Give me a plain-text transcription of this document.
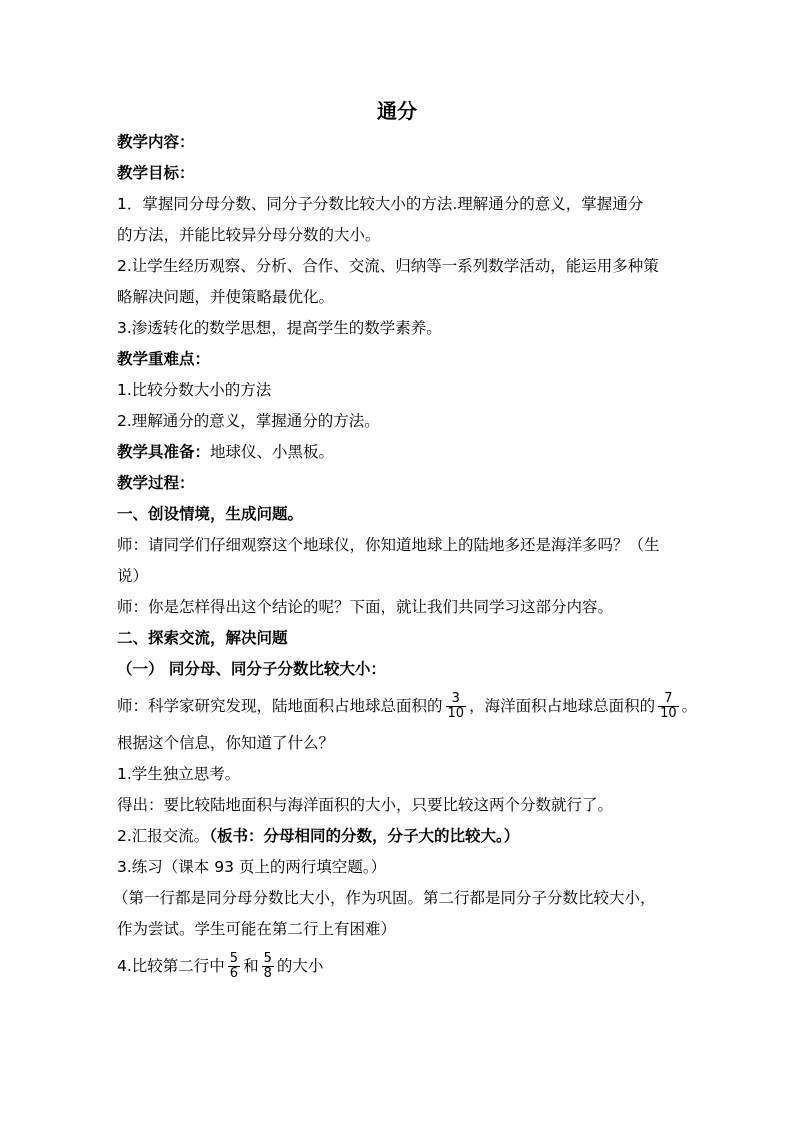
通分
教学内容：
教学目标：
1．掌握同分母分数、同分子分数比较大小的方法.理解通分的意义，掌握通分
的方法，并能比较异分母分数的大小。
2.让学生经历观察、分析、合作、交流、归纳等一系列数学活动，能运用多种策
略解决问题，并使策略最优化。
3.渗透转化的数学思想，提高学生的数学素养。
教学重难点：
1.比较分数大小的方法
2.理解通分的意义，掌握通分的方法。
教学具准备：地球仪、小黑板。
教学过程：
一、创设情境，生成问题。
师：请同学们仔细观察这个地球仪，你知道地球上的陆地多还是海洋多吗？（生
说）
师：你是怎样得出这个结论的呢？下面，就让我们共同学习这部分内容。
二、探索交流，解决问题
（一） 同分母、同分子分数比较大小：
师：科学家研究发现，陆地面积占地球总面积的 $\frac{3}{10}$ ，海洋面积占地球总面积的 $\frac{7}{10}$ 。
根据这个信息，你知道了什么？
1.学生独立思考。
得出：要比较陆地面积与海洋面积的大小，只要比较这两个分数就行了。
2.汇报交流。（板书：分母相同的分数，分子大的比较大。）
3.练习（课本 93 页上的两行填空题。）
（第一行都是同分母分数比大小，作为巩固。第二行都是同分子分数比较大小，
作为尝试。学生可能在第二行上有困难）
4.比较第二行中 $\frac{5}{6}$ 和 $\frac{5}{8}$ 的大小
